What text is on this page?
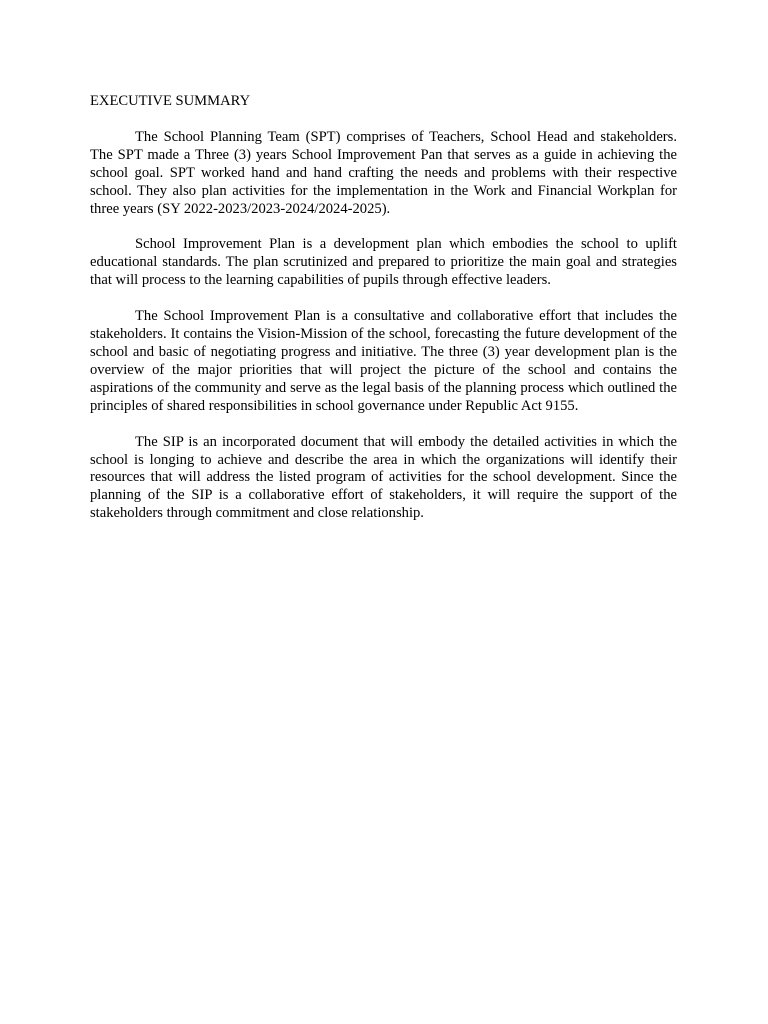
EXECUTIVE SUMMARY

The School Planning Team (SPT) comprises of Teachers, School Head and stakeholders. The SPT made a Three (3) years School Improvement Pan that serves as a guide in achieving the school goal. SPT worked hand and hand crafting the needs and problems with their respective school. They also plan activities for the implementation in the Work and Financial Workplan for three years (SY 2022-2023/2023-2024/2024-2025).

School Improvement Plan is a development plan which embodies the school to uplift educational standards. The plan scrutinized and prepared to prioritize the main goal and strategies that will process to the learning capabilities of pupils through effective leaders.

The School Improvement Plan is a consultative and collaborative effort that includes the stakeholders. It contains the Vision-Mission of the school, forecasting the future development of the school and basic of negotiating progress and initiative. The three (3) year development plan is the overview of the major priorities that will project the picture of the school and contains the aspirations of the community and serve as the legal basis of the planning process which outlined the principles of shared responsibilities in school governance under Republic Act 9155.

The SIP is an incorporated document that will embody the detailed activities in which the school is longing to achieve and describe the area in which the organizations will identify their resources that will address the listed program of activities for the school development. Since the planning of the SIP is a collaborative effort of stakeholders, it will require the support of the stakeholders through commitment and close relationship.
